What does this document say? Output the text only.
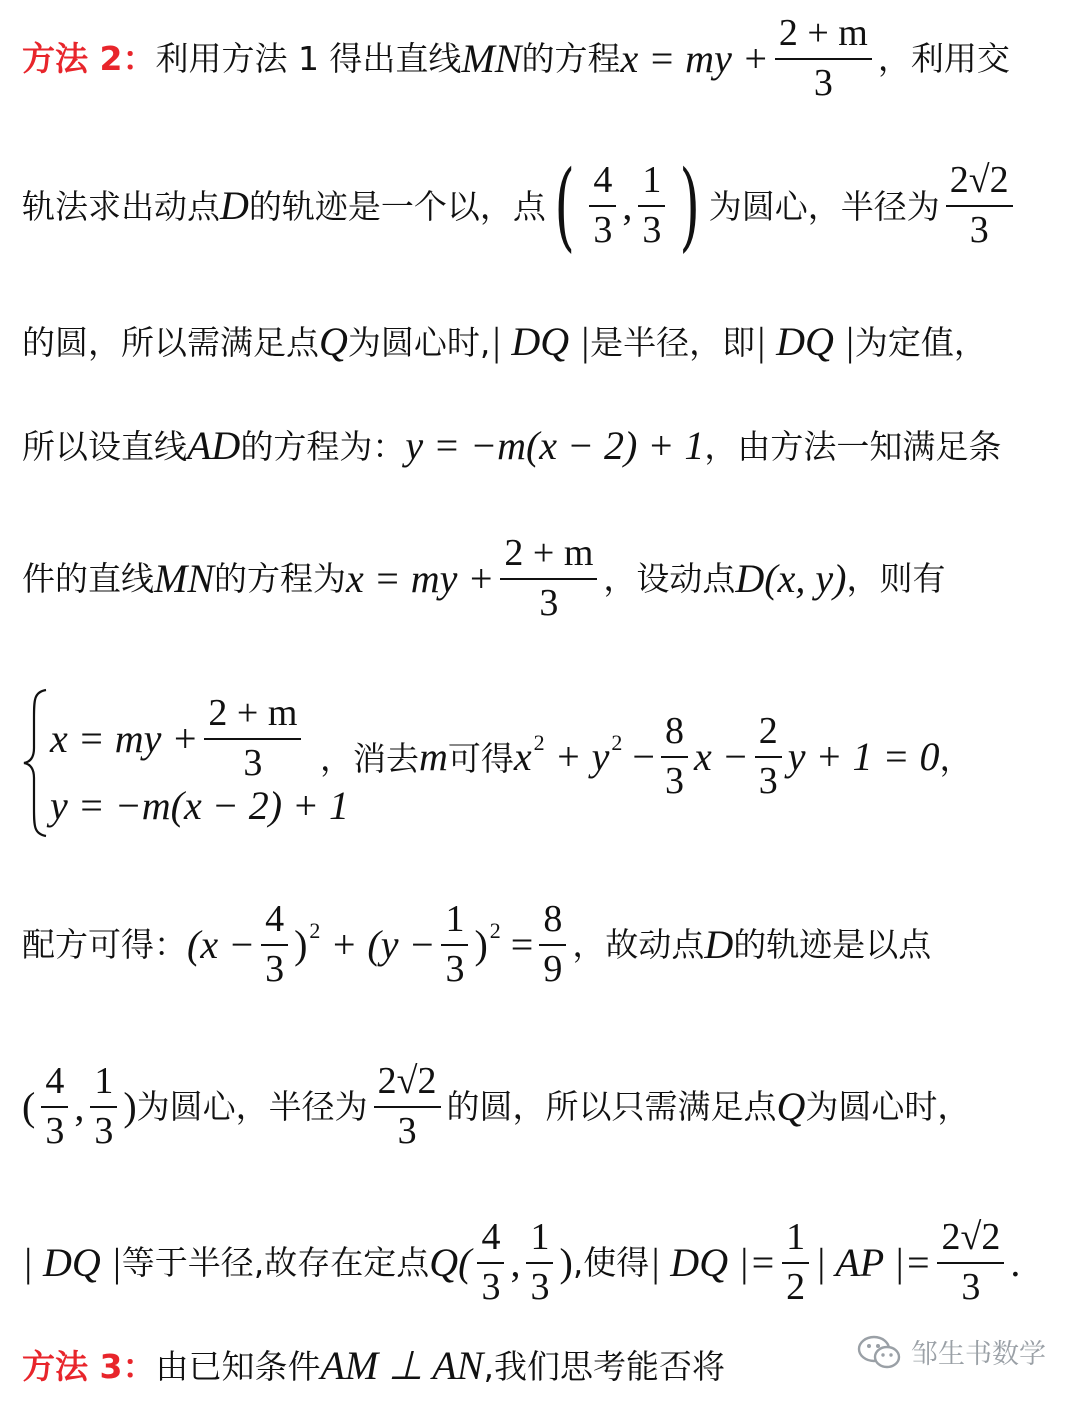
方法 2： 利用方法 1 得出直线 MN 的方程 x = my + $\frac{2 + m}{3}$ ，利用交
轨法求出动点 D 的轨迹是一个以，点 ( $\frac{4}{3}$ , $\frac{1}{3}$ ) 为圆心，半径为 $\frac{2√2}{3}$
的圆，所以需满足点 Q 为圆心时, | DQ | 是半径，即 | DQ | 为定值，
所以设直线 AD 的方程为： y = −m(x − 2) + 1 ，由方法一知满足条
件的直线 MN 的方程为 x = my + $\frac{2 + m}{3}$ ，设动点 D(x, y) ，则有
x = my + $\frac{2 + m}{3}$
y = −m(x − 2) + 1
，消去 m 可得 x 2 + y $2 - \frac{8}{3}$ $x - \frac{2}{3}$ y + 1 = 0 ，
配方可得： ($x - \frac{4}{3}$ ) $2 + (y - \frac{1}{3}$ ) $2 = \frac{8}{9}$ ，故动点 D 的轨迹是以点
( $\frac{4}{3}$ , $\frac{1}{3}$ ) 为圆心，半径为 $\frac{2√2}{3}$ 的圆，所以只需满足点 Q 为圆心时，
| DQ | 等于半径,故存在定点 $Q( \frac{4}{3}$ , $\frac{1}{3}$ ) ,使得 | DQ |= $\frac{1}{2}$ | AP |= $\frac{2√2}{3}$ .
方法 3： 由已知条件 AM ⊥ AN ,我们思考能否将	邹生书数学
